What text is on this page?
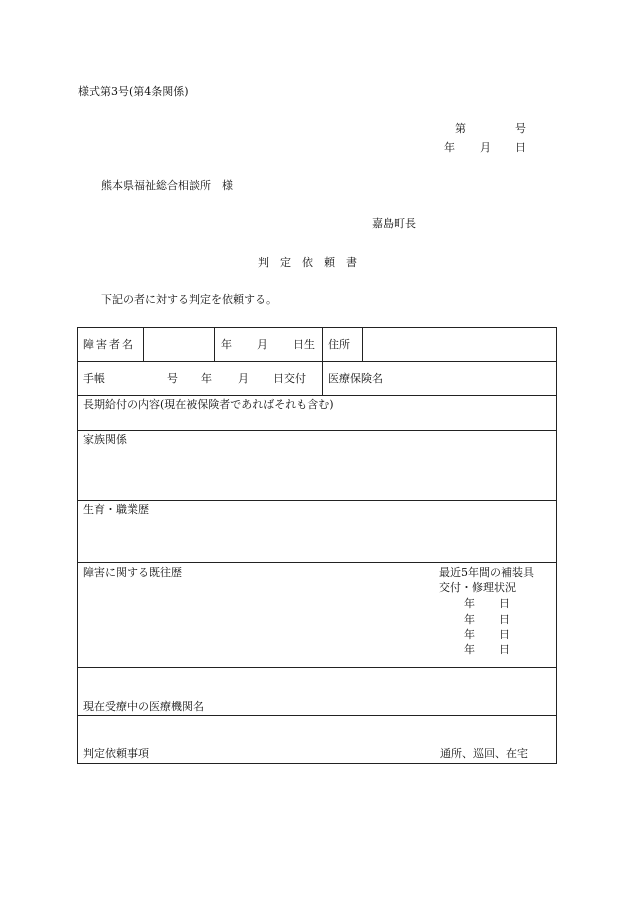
様式第3号(第4条関係)
第	号
年 月 日
熊本県福祉総合相談所　様
嘉島町長
判　定　依　頼　書
下記の者に対する判定を依頼する。
障害者名	年 月 日生 住所
手帳	号 年 月 日交付 医療保険名
長期給付の内容(現在被保険者であればそれも含む)
家族関係
生育・職業歴
障害に関する既往歴	最近5年間の補装具
交付・修理状況
年 日
年 日
年 日
年 日
現在受療中の医療機関名
判定依頼事項	通所、巡回、在宅
